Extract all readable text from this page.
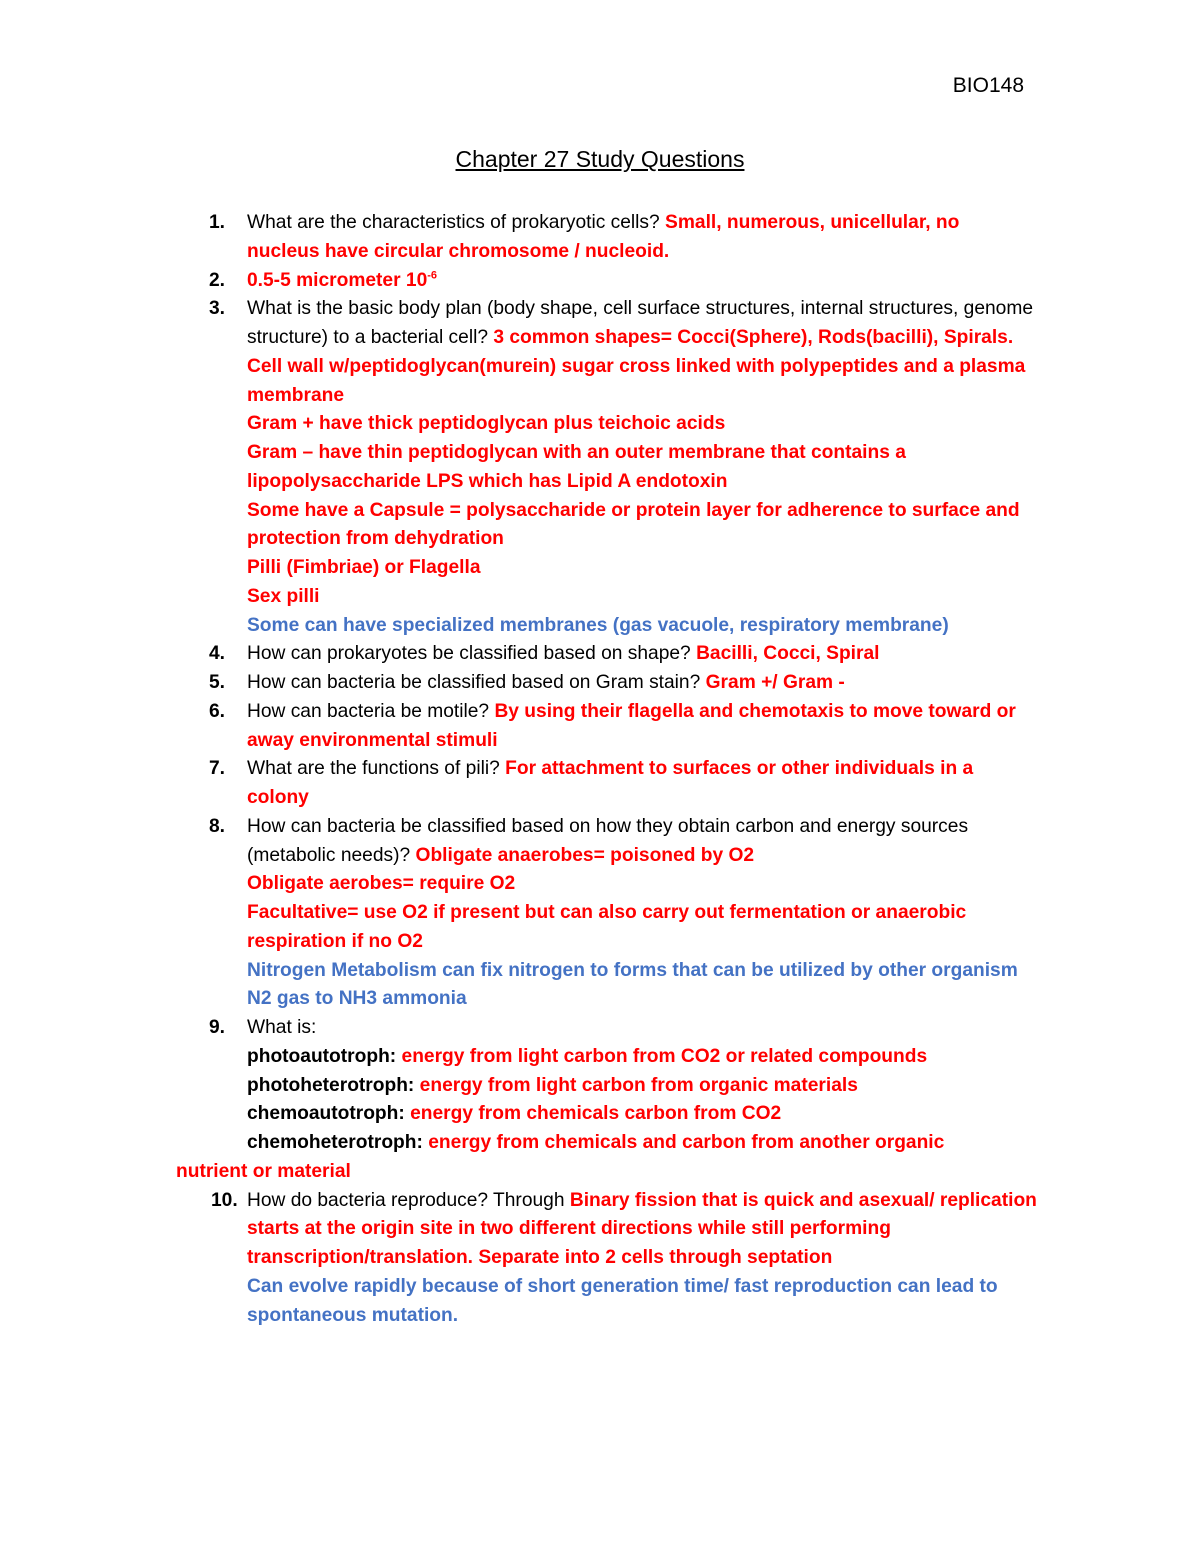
BIO148
Chapter 27 Study Questions
1. What are the characteristics of prokaryotic cells? Small, numerous, unicellular, no nucleus have circular chromosome / nucleoid.
2. 0.5-5 micrometer $10^{-6}$
3. What is the basic body plan (body shape, cell surface structures, internal structures, genome structure) to a bacterial cell? 3 common shapes= Cocci(Sphere), Rods(bacilli), Spirals.
Cell wall w/peptidoglycan(murein) sugar cross linked with polypeptides and a plasma membrane
Gram + have thick peptidoglycan plus teichoic acids
Gram – have thin peptidoglycan with an outer membrane that contains a lipopolysaccharide LPS which has Lipid A endotoxin
Some have a Capsule = polysaccharide or protein layer for adherence to surface and protection from dehydration
Pilli (Fimbriae) or Flagella
Sex pilli
Some can have specialized membranes (gas vacuole, respiratory membrane)
4. How can prokaryotes be classified based on shape? Bacilli, Cocci, Spiral
5. How can bacteria be classified based on Gram stain? Gram +/ Gram -
6. How can bacteria be motile? By using their flagella and chemotaxis to move toward or away environmental stimuli
7. What are the functions of pili? For attachment to surfaces or other individuals in a colony
8. How can bacteria be classified based on how they obtain carbon and energy sources (metabolic needs)? Obligate anaerobes= poisoned by O2
Obligate aerobes= require O2
Facultative= use O2 if present but can also carry out fermentation or anaerobic respiration if no O2
Nitrogen Metabolism can fix nitrogen to forms that can be utilized by other organism N2 gas to NH3 ammonia
9. What is:
photoautotroph: energy from light carbon from CO2 or related compounds
photoheterotroph: energy from light carbon from organic materials
chemoautotroph: energy from chemicals carbon from CO2
chemoheterotroph: energy from chemicals and carbon from another organic
nutrient or material
10. How do bacteria reproduce? Through Binary fission that is quick and asexual/ replication starts at the origin site in two different directions while still performing transcription/translation. Separate into 2 cells through septation
Can evolve rapidly because of short generation time/ fast reproduction can lead to spontaneous mutation.
